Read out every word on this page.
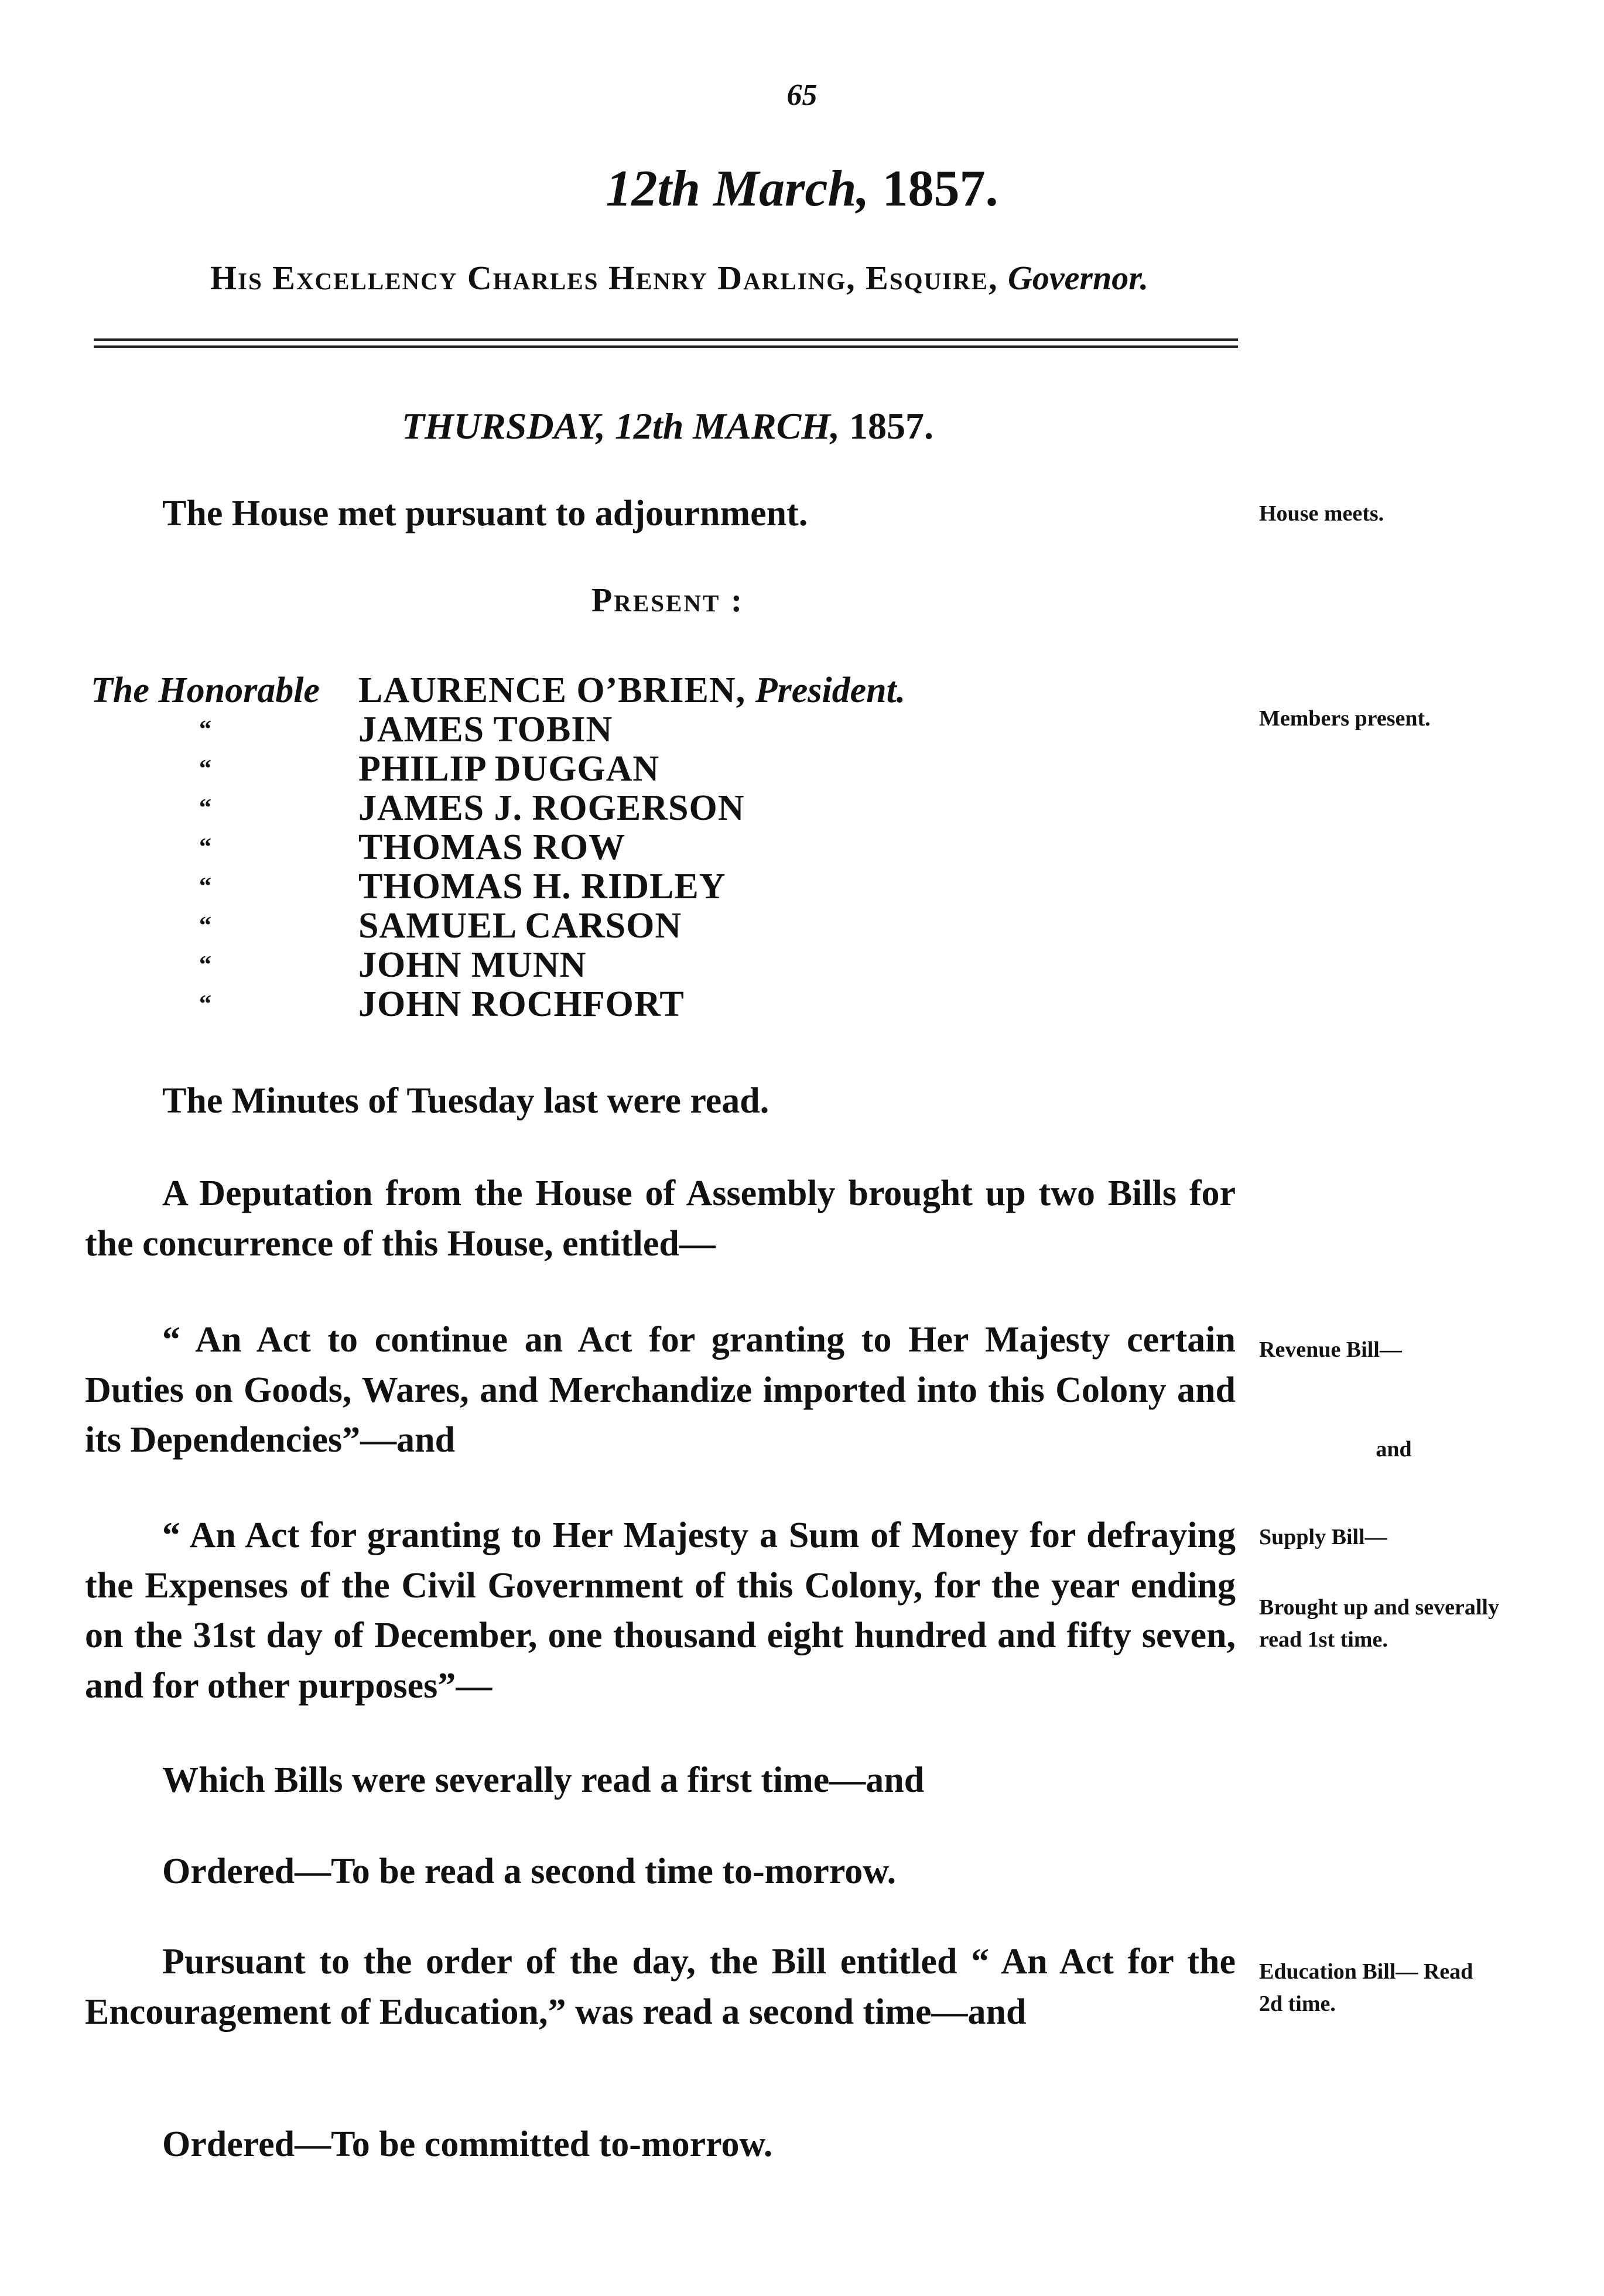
65
12th March, 1857.
His Excellency Charles Henry Darling, Esquire, Governor.
THURSDAY, 12th MARCH, 1857.
The House met pursuant to adjournment.	House meets.
Present :
The Honorable	LAURENCE O’BRIEN, President.
“	JAMES TOBIN
“	PHILIP DUGGAN
“	JAMES J. ROGERSON
“	THOMAS ROW
“	THOMAS H. RIDLEY
“	SAMUEL CARSON
“	JOHN MUNN
“	JOHN ROCHFORT
Members present.
The Minutes of Tuesday last were read.
A Deputation from the House of Assembly brought up two Bills for the concurrence of this House, entitled—
“ An Act to continue an Act for granting to Her Majesty certain Duties on Goods, Wares, and Merchandize imported into this Colony and its Dependencies”—and
Revenue Bill—
and
“ An Act for granting to Her Majesty a Sum of Money for defraying the Expenses of the Civil Government of this Colony, for the year ending on the 31st day of December, one thousand eight hundred and fifty seven, and for other purposes”—
Supply Bill—
Brought up and severally read 1st time.
Which Bills were severally read a first time—and
Ordered—To be read a second time to-morrow.
Pursuant to the order of the day, the Bill entitled “ An Act for the Encouragement of Education,” was read a second time—and
Education Bill— Read 2d time.
Ordered—To be committed to-morrow.
